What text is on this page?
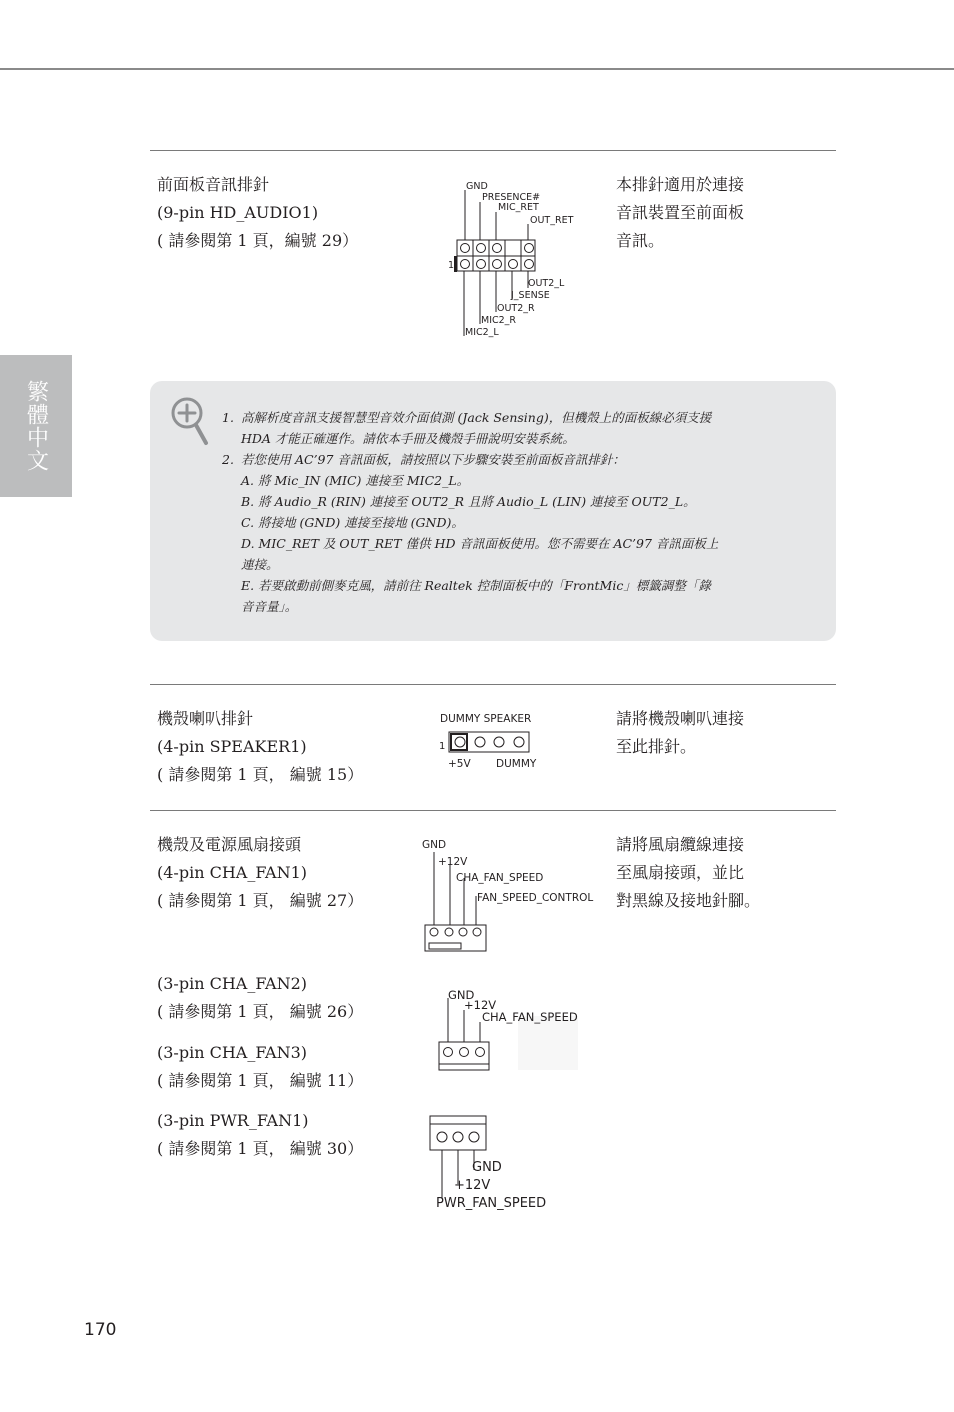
繁體中文
前面板音訊排針
(9-pin HD_AUDIO1)
( 請參閱第 1 頁，編號 29）
本排針適用於連接
音訊裝置至前面板
音訊。
GND
PRESENCE#
MIC_RET
OUT_RET
1
OUT2_L
J_SENSE
OUT2_R
MIC2_R
MIC2_L
1. 高解析度音訊支援智慧型音效介面偵測 (Jack Sensing)，但機殼上的面板線必須支援
HDA 才能正確運作。請依本手冊及機殼手冊說明安裝系統。
2. 若您使用 AC’97 音訊面板，請按照以下步驟安裝至前面板音訊排針：
A. 將 Mic_IN (MIC) 連接至 MIC2_L。
B. 將 Audio_R (RIN) 連接至 OUT2_R 且將 Audio_L (LIN) 連接至 OUT2_L。
C. 將接地 (GND) 連接至接地 (GND)。
D. MIC_RET 及 OUT_RET 僅供 HD 音訊面板使用。您不需要在 AC’97 音訊面板上
連接。
E. 若要啟動前側麥克風，請前往 Realtek 控制面板中的「FrontMic」標籤調整「錄
音音量」。
機殼喇叭排針
(4-pin SPEAKER1)
( 請參閱第 1 頁， 編號 15）
請將機殼喇叭連接
至此排針。
DUMMY SPEAKER
1
+5V DUMMY
機殼及電源風扇接頭
(4-pin CHA_FAN1)
( 請參閱第 1 頁， 編號 27）
請將風扇纜線連接
至風扇接頭，並比
對黑線及接地針腳。
GND
+12V
CHA_FAN_SPEED
FAN_SPEED_CONTROL
(3-pin CHA_FAN2)
( 請參閱第 1 頁， 編號 26）
GND
+12V
CHA_FAN_SPEED
(3-pin CHA_FAN3)
( 請參閱第 1 頁， 編號 11）
(3-pin PWR_FAN1)
( 請參閱第 1 頁， 編號 30）
GND
+12V
PWR_FAN_SPEED
170
